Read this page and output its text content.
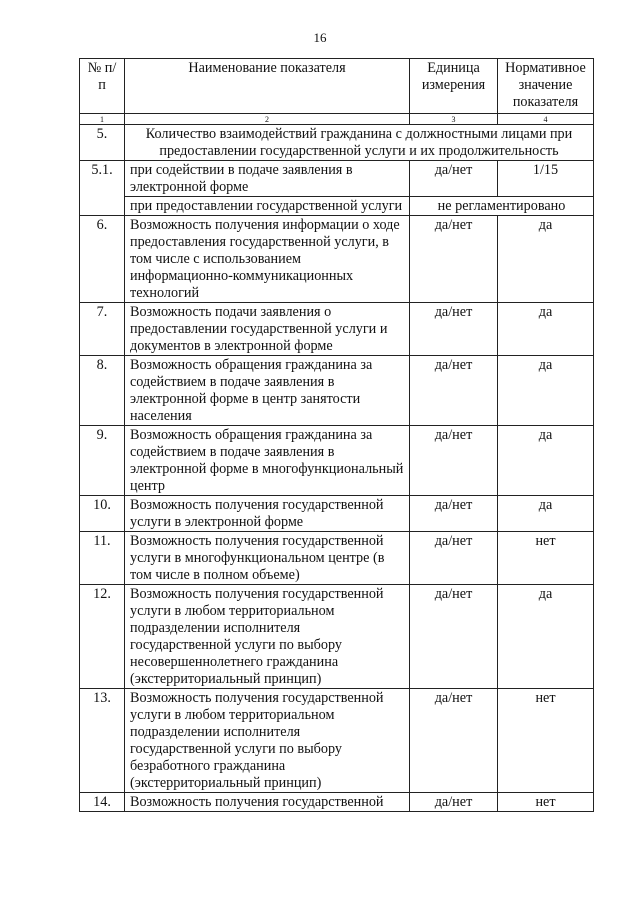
16
№ п/п	Наименование показателя	Единица измерения	Нормативное значение показателя
1	2	3	4
5.	Количество взаимодействий гражданина с должностными лицами при предоставлении государственной услуги и их продолжительность		
5.1.	при содействии в подаче заявления в электронной форме	да/нет	1/15
	при предоставлении государственной услуги	не регламентировано	
6.	Возможность получения информации о ходе предоставления государственной услуги, в том числе с использованием информационно-коммуникационных технологий	да/нет	да
7.	Возможность подачи заявления о предоставлении государственной услуги и документов в электронной форме	да/нет	да
8.	Возможность обращения гражданина за содействием в подаче заявления в электронной форме в центр занятости населения	да/нет	да
9.	Возможность обращения гражданина за содействием в подаче заявления в электронной форме в многофункциональный центр	да/нет	да
10.	Возможность получения государственной услуги в электронной форме	да/нет	да
11.	Возможность получения государственной услуги в многофункциональном центре (в том числе в полном объеме)	да/нет	нет
12.	Возможность получения государственной услуги в любом территориальном подразделении исполнителя государственной услуги по выбору несовершеннолетнего гражданина (экстерриториальный принцип)	да/нет	да
13.	Возможность получения государственной услуги в любом территориальном подразделении исполнителя государственной услуги по выбору безработного гражданина (экстерриториальный принцип)	да/нет	нет
14.	Возможность получения государственной	да/нет	нет
